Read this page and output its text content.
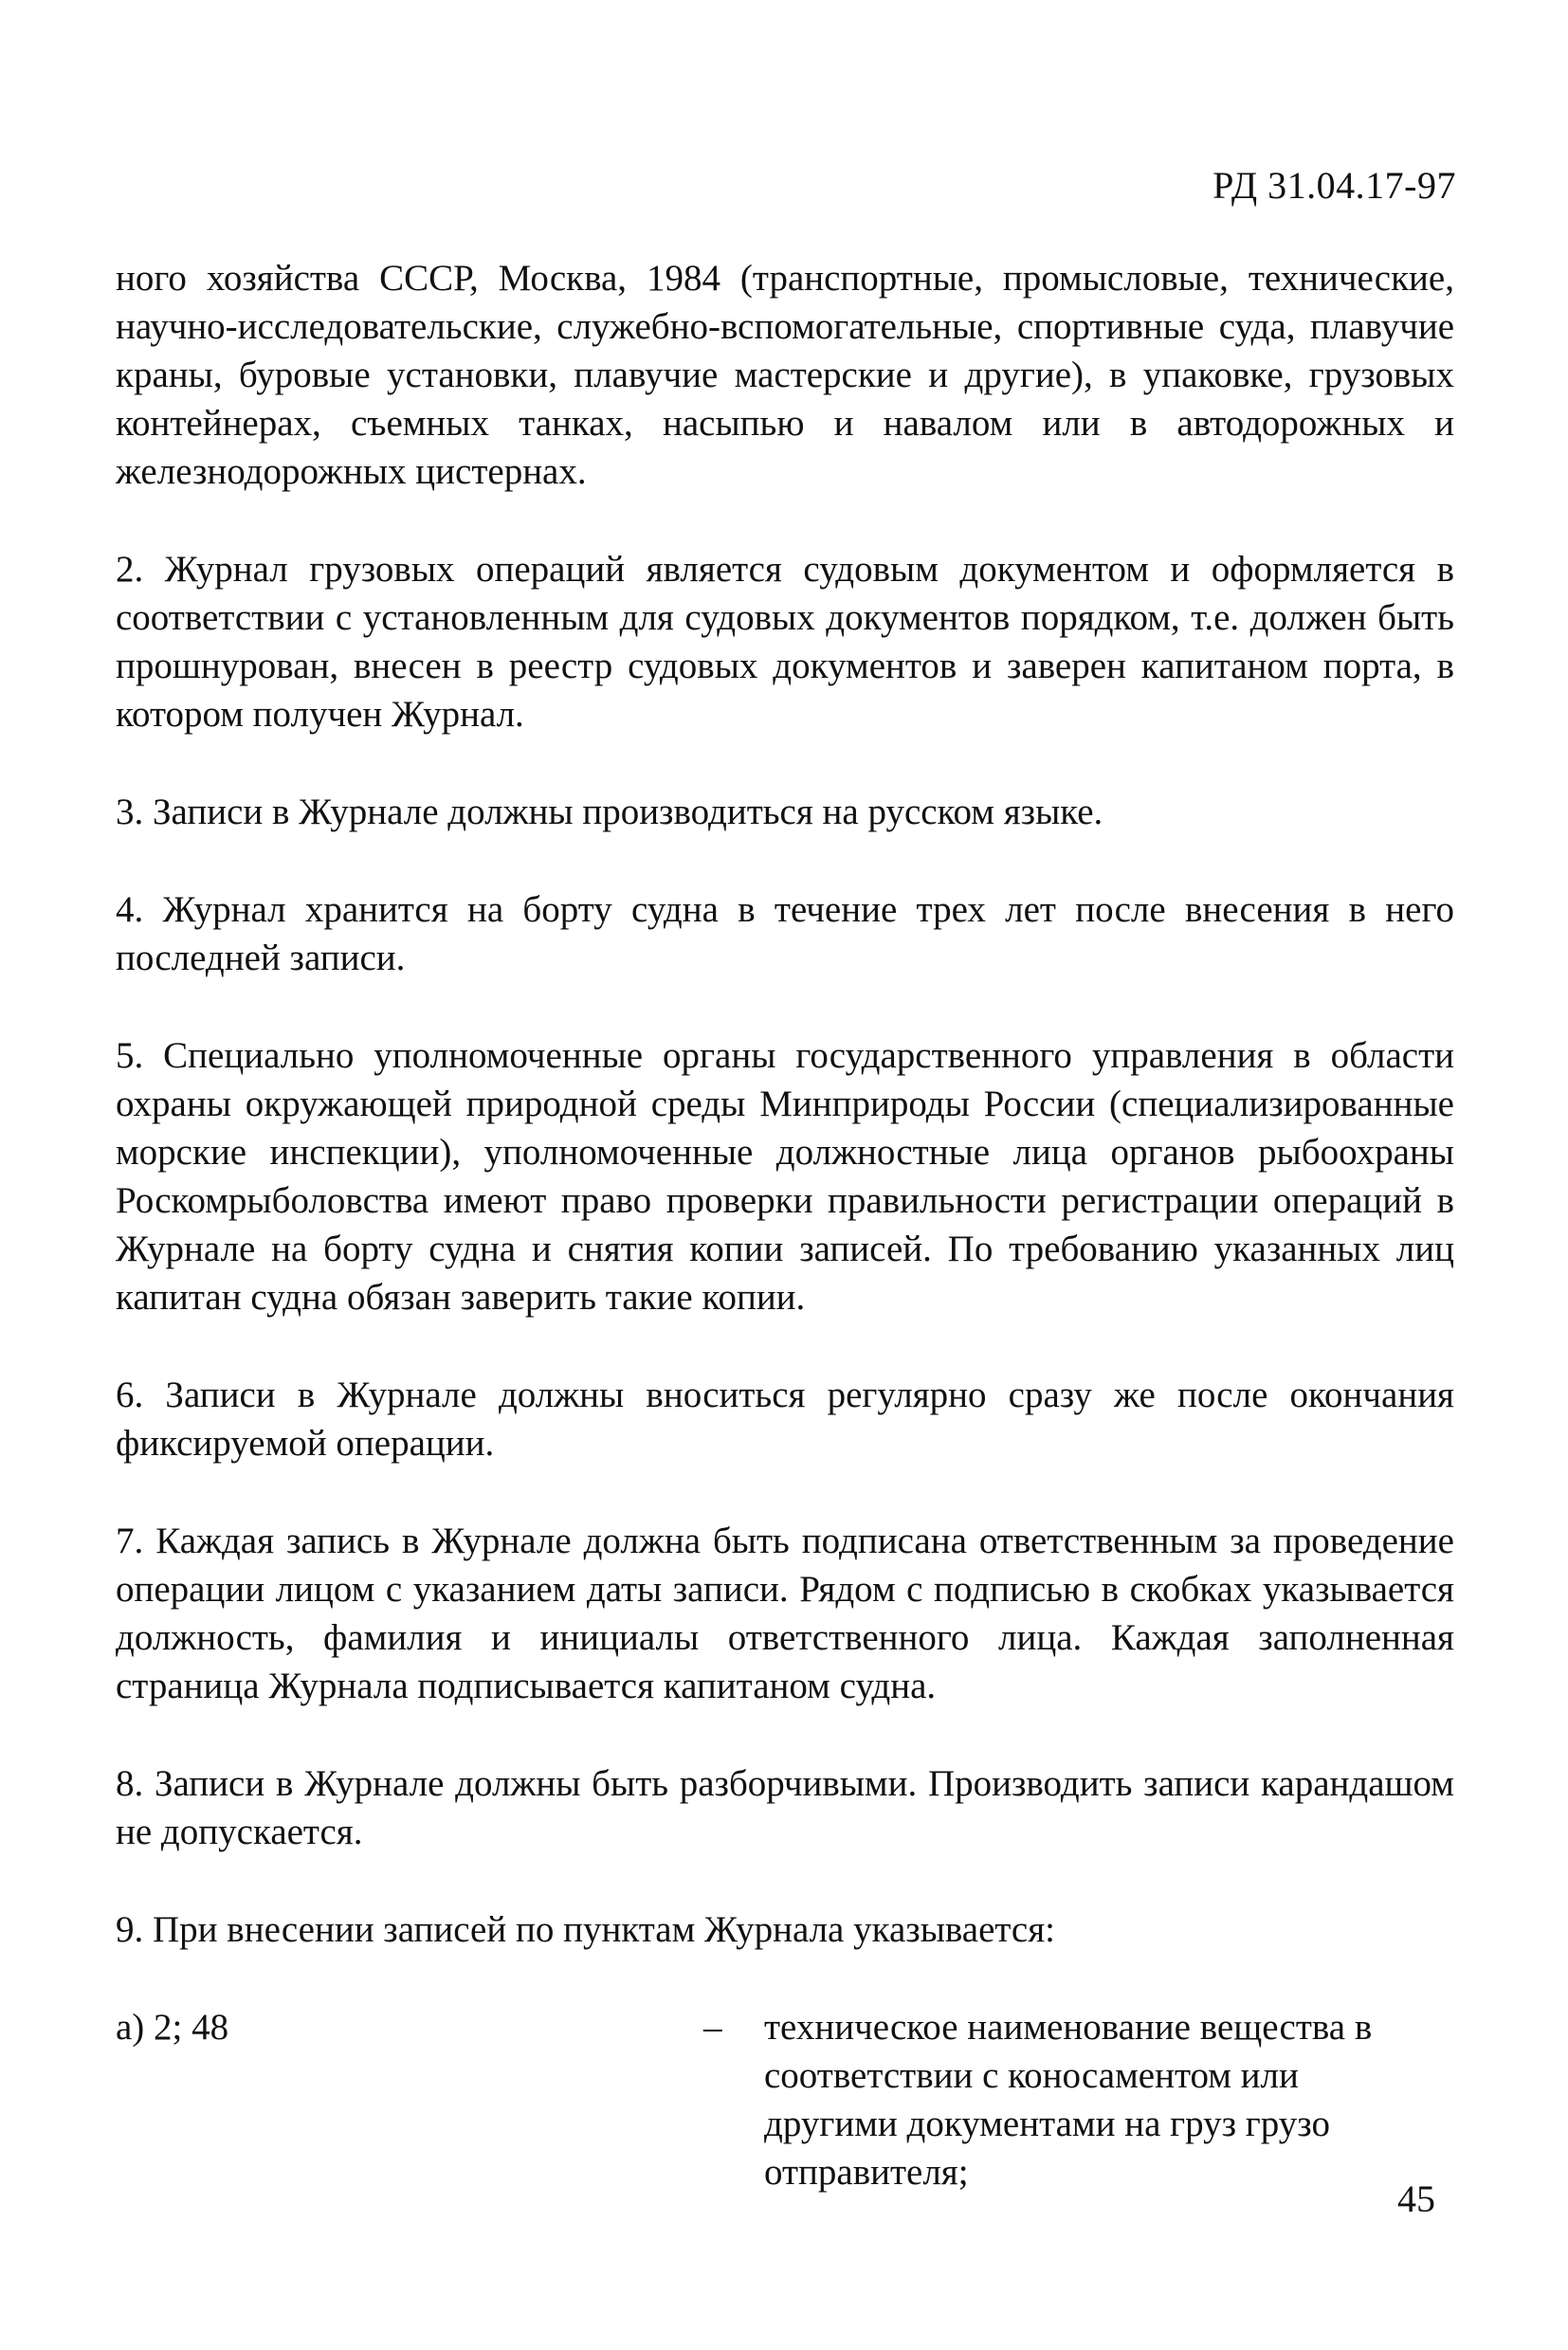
РД 31.04.17-97

ного хозяйства СССР, Москва, 1984 (транспортные, промысловые, технические, научно-исследовательские, служебно-вспомогательные, спортивные суда, плавучие краны, буровые установки, плавучие мастерские и другие), в упаковке, грузовых контейнерах, съемных танках, насыпью и навалом или в автодорожных и железнодорожных цистернах.

2. Журнал грузовых операций является судовым документом и оформляется в соответствии с установленным для судовых документов порядком, т.е. должен быть прошнурован, внесен в реестр судовых документов и заверен капитаном порта, в котором получен Журнал.

3. Записи в Журнале должны производиться на русском языке.

4. Журнал хранится на борту судна в течение трех лет после внесения в него последней записи.

5. Специально уполномоченные органы государственного управления в области охраны окружающей природной среды Минприроды России (специализированные морские инспекции), уполномоченные должностные лица органов рыбоохраны Роскомрыболовства имеют право проверки правильности регистрации операций в Журнале на борту судна и снятия копии записей. По требованию указанных лиц капитан судна обязан заверить такие копии.

6. Записи в Журнале должны вноситься регулярно сразу же после окончания фиксируемой операции.

7. Каждая запись в Журнале должна быть подписана ответственным за проведение операции лицом с указанием даты записи. Рядом с подписью в скобках указывается должность, фамилия и инициалы ответственного лица. Каждая заполненная страница Журнала подписывается капитаном судна.

8. Записи в Журнале должны быть разборчивыми. Производить записи карандашом не допускается.

9. При внесении записей по пунктам Журнала указывается:

а) 2; 48	–	техническое наименование вещества в соответствии с коносаментом или другими документами на груз грузо отправителя;
45
